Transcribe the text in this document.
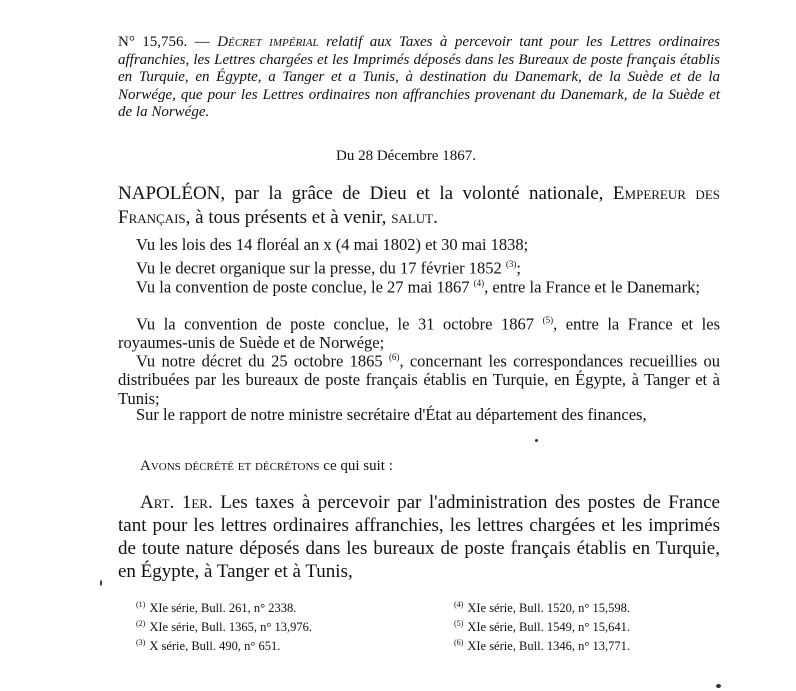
N° 15,756. — Décret impérial relatif aux Taxes à percevoir tant pour les Lettres ordinaires affranchies, les Lettres chargées et les Imprimés déposés dans les Bureaux de poste français établis en Turquie, en Égypte, a Tanger et a Tunis, à destination du Danemark, de la Suède et de la Norwége, que pour les Lettres ordinaires non affranchies provenant du Danemark, de la Suède et de la Norwége.
Du 28 Décembre 1867.
NAPOLÉON, par la grâce de Dieu et la volonté nationale, Empereur des Français, à tous présents et à venir, salut.
Vu les lois des 14 floréal an x (4 mai 1802) et 30 mai 1838;
Vu le decret organique sur la presse, du 17 février 1852 $^{(3)}$;
Vu la convention de poste conclue, le 27 mai 1867 $^{(4)}$, entre la France et le Danemark;
Vu la convention de poste conclue, le 31 octobre 1867 $^{(5)}$, entre la France et les royaumes-unis de Suède et de Norwége;
Vu notre décret du 25 octobre 1865 $^{(6)}$, concernant les correspondances recueillies ou distribuées par les bureaux de poste français établis en Turquie, en Égypte, à Tanger et à Tunis;
Sur le rapport de notre ministre secrétaire d'État au département des finances,
Avons décrété et décrétons ce qui suit :
Art. 1er. Les taxes à percevoir par l'administration des postes de France tant pour les lettres ordinaires affranchies, les lettres chargées et les imprimés de toute nature déposés dans les bureaux de poste français établis en Turquie, en Égypte, à Tanger et à Tunis,
$^{(1)}$ XIe série, Bull. 261, n° 2338.
$^{(2)}$ XIe série, Bull. 1365, n° 13,976.
$^{(3)}$ X série, Bull. 490, n° 651.
$^{(4)}$ XIe série, Bull. 1520, n° 15,598.
$^{(5)}$ XIe série, Bull. 1549, n° 15,641.
$^{(6)}$ XIe série, Bull. 1346, n° 13,771.
